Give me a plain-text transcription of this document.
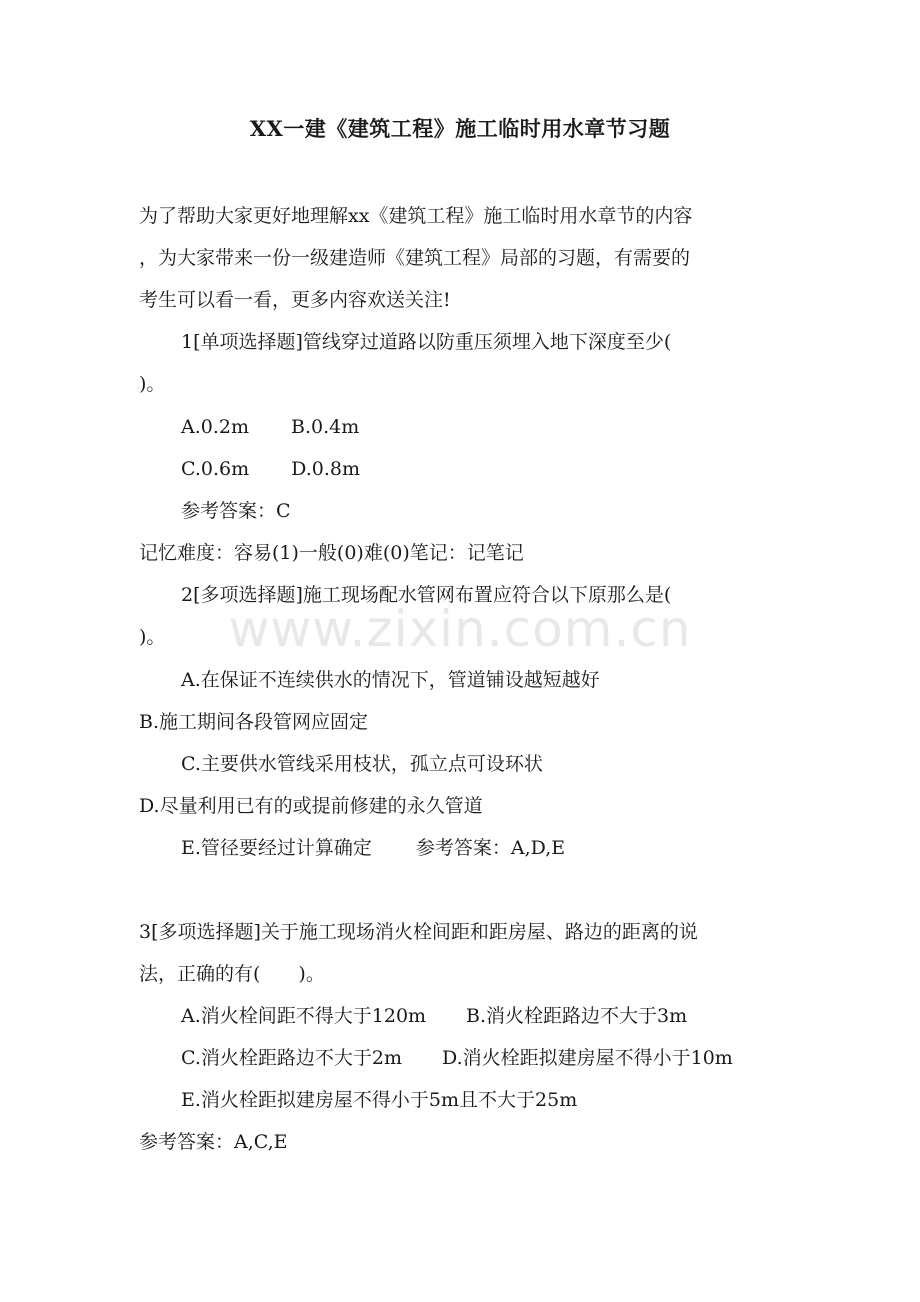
XX一建《建筑工程》施工临时用水章节习题
为了帮助大家更好地理解xx《建筑工程》施工临时用水章节的内容
，为大家带来一份一级建造师《建筑工程》局部的习题，有需要的
考生可以看一看，更多内容欢送关注!
1[单项选择题]管线穿过道路以防重压须埋入地下深度至少(
)。
A.0.2m B.0.4m
C.0.6m D.0.8m
参考答案：C
记忆难度：容易(1)一般(0)难(0)笔记：记笔记
2[多项选择题]施工现场配水管网布置应符合以下原那么是(
)。
A.在保证不连续供水的情况下，管道铺设越短越好
B.施工期间各段管网应固定
C.主要供水管线采用枝状，孤立点可设环状
D.尽量利用已有的或提前修建的永久管道
E.管径要经过计算确定 参考答案：A,D,E
3[多项选择题]关于施工现场消火栓间距和距房屋、路边的距离的说
法，正确的有(　　)。
A.消火栓间距不得大于120m B.消火栓距路边不大于3m
C.消火栓距路边不大于2m D.消火栓距拟建房屋不得小于10m
E.消火栓距拟建房屋不得小于5m且不大于25m
参考答案：A,C,E
www.zixin.com.cn
